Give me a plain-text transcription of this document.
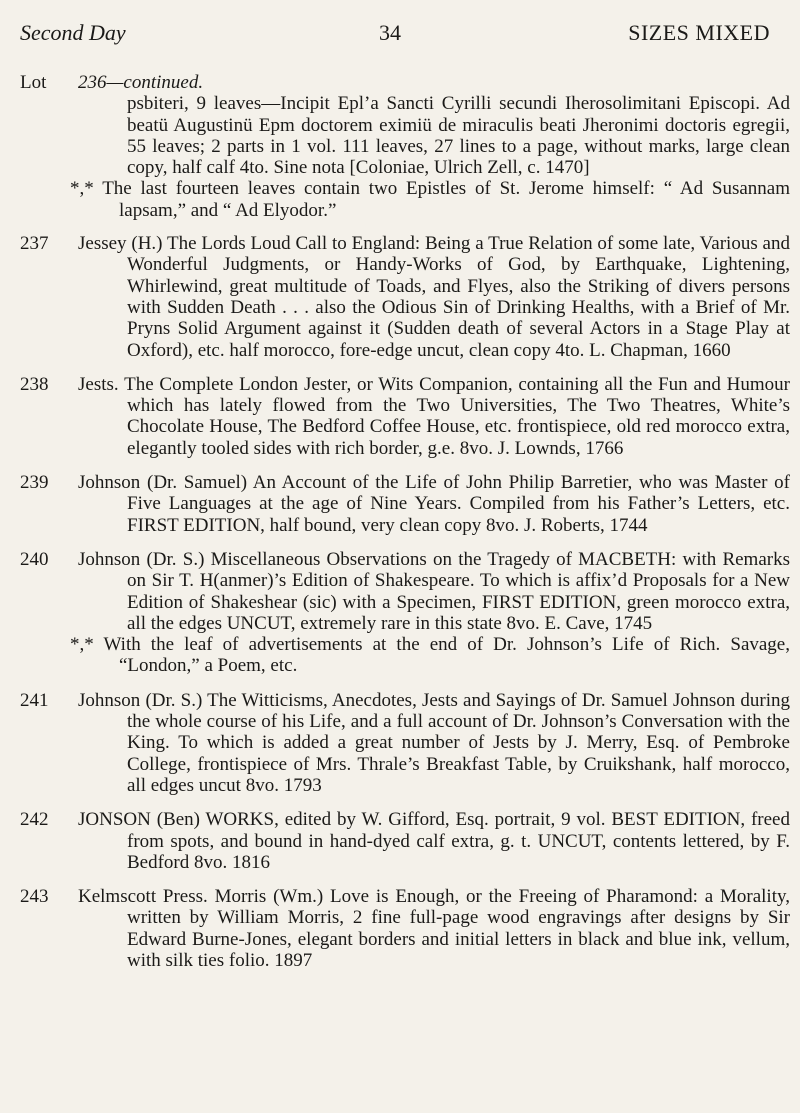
Second Day	34	SIZES MIXED
Lot	236—continued.
psbiteri, 9 leaves—Incipit Epl’a Sancti Cyrilli secundi Iherosolimitani Episcopi. Ad beatü Augustinü Epm doctorem eximiü de miraculis beati Jheronimi doctoris egregii, 55 leaves; 2 parts in 1 vol. 111 leaves, 27 lines to a page, without marks, large clean copy, half calf 4to. Sine nota [Coloniae, Ulrich Zell, c. 1470]
*,* The last fourteen leaves contain two Epistles of St. Jerome himself: “ Ad Susannam lapsam,” and “ Ad Elyodor.”
237	Jessey (H.) The Lords Loud Call to England: Being a True Relation of some late, Various and Wonderful Judgments, or Handy-Works of God, by Earthquake, Lightening, Whirlewind, great multitude of Toads, and Flyes, also the Striking of divers persons with Sudden Death . . . also the Odious Sin of Drinking Healths, with a Brief of Mr. Pryns Solid Argument against it (Sudden death of several Actors in a Stage Play at Oxford), etc. half morocco, fore-edge uncut, clean copy 4to. L. Chapman, 1660
238	Jests. The Complete London Jester, or Wits Companion, containing all the Fun and Humour which has lately flowed from the Two Universities, The Two Theatres, White’s Chocolate House, The Bedford Coffee House, etc. frontispiece, old red morocco extra, elegantly tooled sides with rich border, g.e. 8vo. J. Lownds, 1766
239	Johnson (Dr. Samuel) An Account of the Life of John Philip Barretier, who was Master of Five Languages at the age of Nine Years. Compiled from his Father’s Letters, etc. FIRST EDITION, half bound, very clean copy 8vo. J. Roberts, 1744
240	Johnson (Dr. S.) Miscellaneous Observations on the Tragedy of MACBETH: with Remarks on Sir T. H(anmer)’s Edition of Shakespeare. To which is affix’d Proposals for a New Edition of Shakeshear (sic) with a Specimen, FIRST EDITION, green morocco extra, all the edges UNCUT, extremely rare in this state 8vo. E. Cave, 1745
*,* With the leaf of advertisements at the end of Dr. Johnson’s Life of Rich. Savage, “London,” a Poem, etc.
241	Johnson (Dr. S.) The Witticisms, Anecdotes, Jests and Sayings of Dr. Samuel Johnson during the whole course of his Life, and a full account of Dr. Johnson’s Conversation with the King. To which is added a great number of Jests by J. Merry, Esq. of Pembroke College, frontispiece of Mrs. Thrale’s Breakfast Table, by Cruikshank, half morocco, all edges uncut 8vo. 1793
242	JONSON (Ben) WORKS, edited by W. Gifford, Esq. portrait, 9 vol. BEST EDITION, freed from spots, and bound in hand-dyed calf extra, g. t. UNCUT, contents lettered, by F. Bedford 8vo. 1816
243	Kelmscott Press. Morris (Wm.) Love is Enough, or the Freeing of Pharamond: a Morality, written by William Morris, 2 fine full-page wood engravings after designs by Sir Edward Burne-Jones, elegant borders and initial letters in black and blue ink, vellum, with silk ties folio. 1897
